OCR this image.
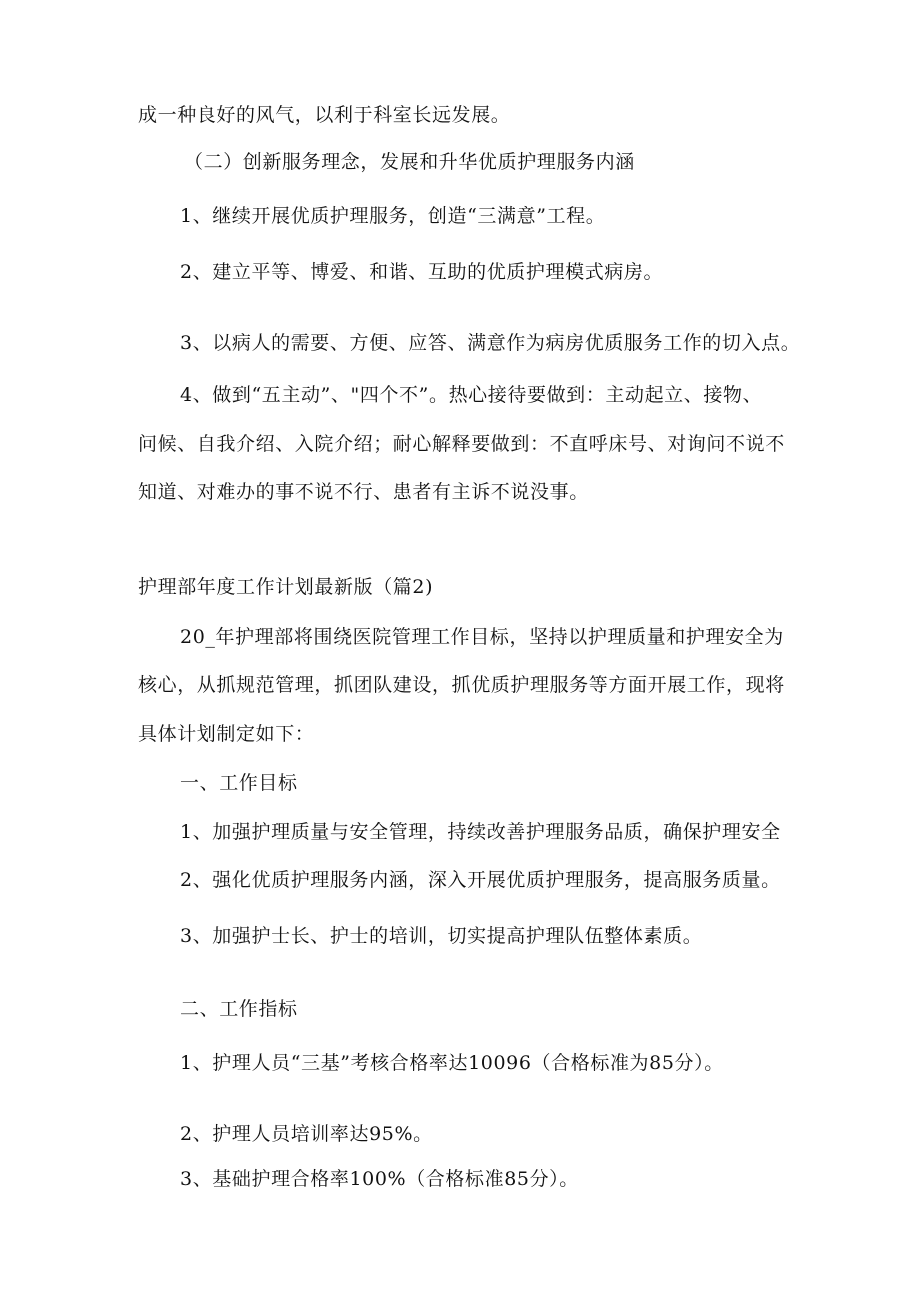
成一种良好的风气，以利于科室长远发展。
（二）创新服务理念，发展和升华优质护理服务内涵
1、继续开展优质护理服务，创造“三满意”工程。
2、建立平等、博爱、和谐、互助的优质护理模式病房。
3、以病人的需要、方便、应答、满意作为病房优质服务工作的切入点。
4、做到“五主动”、"四个不”。热心接待要做到：主动起立、接物、
问候、自我介绍、入院介绍；耐心解释要做到：不直呼床号、对询问不说不
知道、对难办的事不说不行、患者有主诉不说没事。
护理部年度工作计划最新版（篇2)
20_年护理部将围绕医院管理工作目标，坚持以护理质量和护理安全为
核心，从抓规范管理，抓团队建设，抓优质护理服务等方面开展工作，现将
具体计划制定如下：
一、工作目标
1、加强护理质量与安全管理，持续改善护理服务品质，确保护理安全
2、强化优质护理服务内涵，深入开展优质护理服务，提高服务质量。
3、加强护士长、护士的培训，切实提高护理队伍整体素质。
二、工作指标
1、护理人员“三基”考核合格率达10096（合格标准为85分）。
2、护理人员培训率达95%。
3、基础护理合格率100%（合格标准85分）。
